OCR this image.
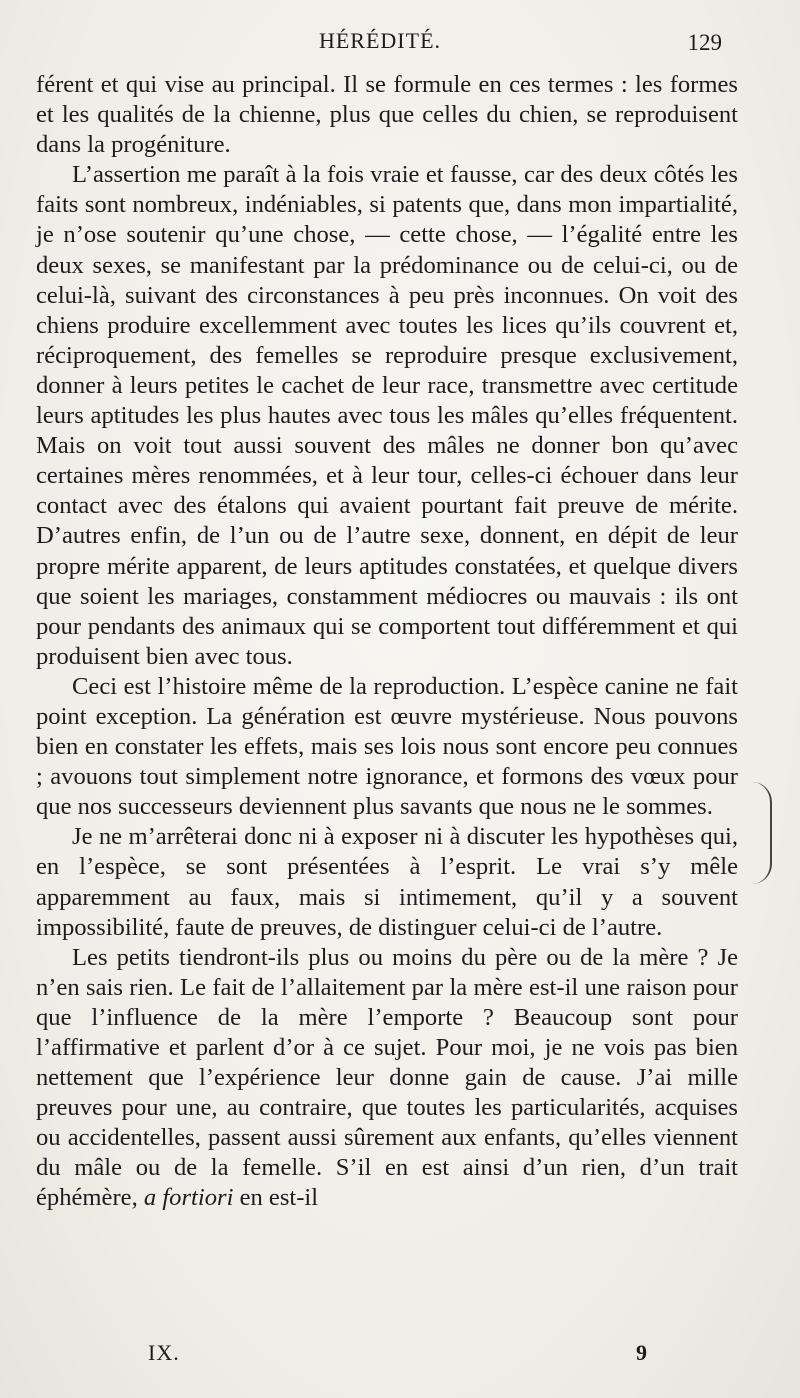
HÉRÉDITÉ.	129

férent et qui vise au principal. Il se formule en ces termes : les formes et les qualités de la chienne, plus que celles du chien, se reproduisent dans la progéniture.

L’assertion me paraît à la fois vraie et fausse, car des deux côtés les faits sont nombreux, indéniables, si patents que, dans mon impartialité, je n’ose soutenir qu’une chose, — cette chose, — l’égalité entre les deux sexes, se manifestant par la prédominance ou de celui-ci, ou de celui-là, suivant des circonstances à peu près inconnues. On voit des chiens produire excellemment avec toutes les lices qu’ils couvrent et, réciproquement, des femelles se reproduire presque exclusivement, donner à leurs petites le cachet de leur race, transmettre avec certitude leurs aptitudes les plus hautes avec tous les mâles qu’elles fréquentent. Mais on voit tout aussi souvent des mâles ne donner bon qu’avec certaines mères renommées, et à leur tour, celles-ci échouer dans leur contact avec des étalons qui avaient pourtant fait preuve de mérite. D’autres enfin, de l’un ou de l’autre sexe, donnent, en dépit de leur propre mérite apparent, de leurs aptitudes constatées, et quelque divers que soient les mariages, constamment médiocres ou mauvais : ils ont pour pendants des animaux qui se comportent tout différemment et qui produisent bien avec tous.

Ceci est l’histoire même de la reproduction. L’espèce canine ne fait point exception. La génération est œuvre mystérieuse. Nous pouvons bien en constater les effets, mais ses lois nous sont encore peu connues ; avouons tout simplement notre ignorance, et formons des vœux pour que nos successeurs deviennent plus savants que nous ne le sommes.

Je ne m’arrêterai donc ni à exposer ni à discuter les hypothèses qui, en l’espèce, se sont présentées à l’esprit. Le vrai s’y mêle apparemment au faux, mais si intimement, qu’il y a souvent impossibilité, faute de preuves, de distinguer celui-ci de l’autre.

Les petits tiendront-ils plus ou moins du père ou de la mère ? Je n’en sais rien. Le fait de l’allaitement par la mère est-il une raison pour que l’influence de la mère l’emporte ? Beaucoup sont pour l’affirmative et parlent d’or à ce sujet. Pour moi, je ne vois pas bien nettement que l’expérience leur donne gain de cause. J’ai mille preuves pour une, au contraire, que toutes les particularités, acquises ou accidentelles, passent aussi sûrement aux enfants, qu’elles viennent du mâle ou de la femelle. S’il en est ainsi d’un rien, d’un trait éphémère, a fortiori en est-il

IX.	9
